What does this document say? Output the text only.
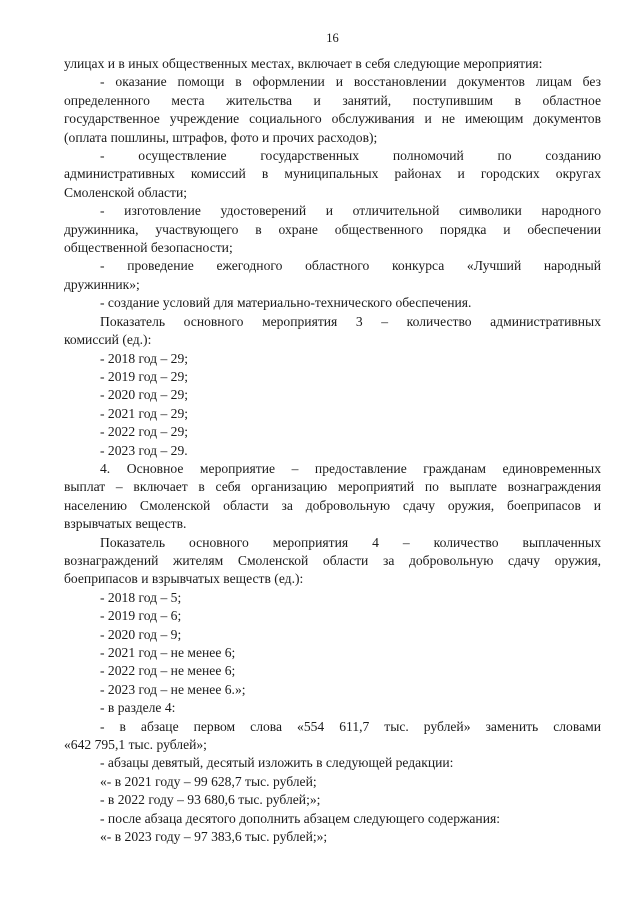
16
улицах и в иных общественных местах, включает в себя следующие мероприятия:
- оказание помощи в оформлении и восстановлении документов лицам без
определенного места жительства и занятий, поступившим в областное
государственное учреждение социального обслуживания и не имеющим документов
(оплата пошлины, штрафов, фото и прочих расходов);
- осуществление государственных полномочий по созданию
административных комиссий в муниципальных районах и городских округах
Смоленской области;
- изготовление удостоверений и отличительной символики народного
дружинника, участвующего в охране общественного порядка и обеспечении
общественной безопасности;
- проведение ежегодного областного конкурса «Лучший народный
дружинник»;
- создание условий для материально-технического обеспечения.
Показатель основного мероприятия 3 – количество административных
комиссий (ед.):
- 2018 год – 29;
- 2019 год – 29;
- 2020 год – 29;
- 2021 год – 29;
- 2022 год – 29;
- 2023 год – 29.
4. Основное мероприятие – предоставление гражданам единовременных
выплат – включает в себя организацию мероприятий по выплате вознаграждения
населению Смоленской области за добровольную сдачу оружия, боеприпасов и
взрывчатых веществ.
Показатель основного мероприятия 4 – количество выплаченных
вознаграждений жителям Смоленской области за добровольную сдачу оружия,
боеприпасов и взрывчатых веществ (ед.):
- 2018 год – 5;
- 2019 год – 6;
- 2020 год – 9;
- 2021 год – не менее 6;
- 2022 год – не менее 6;
- 2023 год – не менее 6.»;
- в разделе 4:
- в абзаце первом слова «554 611,7 тыс. рублей» заменить словами
«642 795,1 тыс. рублей»;
- абзацы девятый, десятый изложить в следующей редакции:
«- в 2021 году – 99 628,7 тыс. рублей;
- в 2022 году – 93 680,6 тыс. рублей;»;
- после абзаца десятого дополнить абзацем следующего содержания:
«- в 2023 году – 97 383,6 тыс. рублей;»;
